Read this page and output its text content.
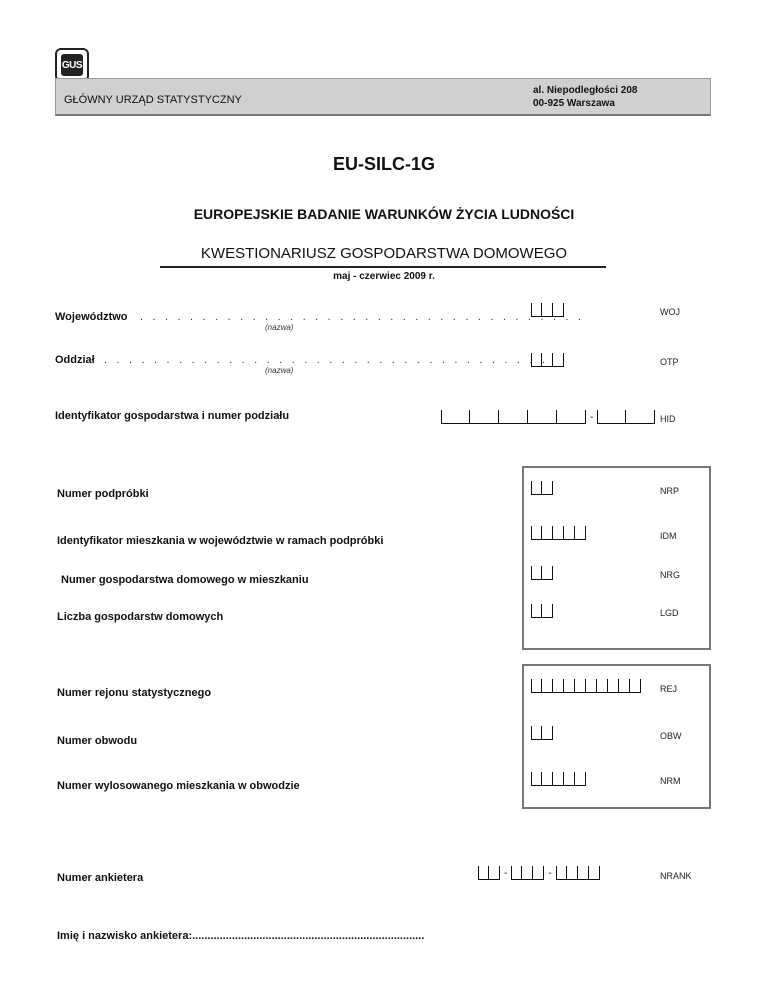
GUS
GŁÓWNY URZĄD STATYSTYCZNY
al. Niepodległości 208
00-925 Warszawa
EU-SILC-1G
EUROPEJSKIE BADANIE WARUNKÓW ŻYCIA LUDNOŚCI
KWESTIONARIUSZ GOSPODARSTWA DOMOWEGO
maj - czerwiec 2009 r.
Województwo . . . . . . . . . . . . . . . . . . . . . . . . . . . . . . . . . . . .
(nazwa)
WOJ
Oddział . . . . . . . . . . . . . . . . . . . . . . . . . . . . . . . . . . . .
(nazwa)
OTP
Identyfikator gospodarstwa i numer podziału	-	HID
Numer podpróbki	NRP
Identyfikator mieszkania w województwie w ramach podpróbki	IDM
Numer gospodarstwa domowego w mieszkaniu	NRG
Liczba gospodarstw domowych	LGD
Numer rejonu statystycznego	REJ
Numer obwodu	OBW
Numer wylosowanego mieszkania w obwodzie	NRM
Numer ankietera	-	-	NRANK
Imię i nazwisko ankietera:............................................................................
